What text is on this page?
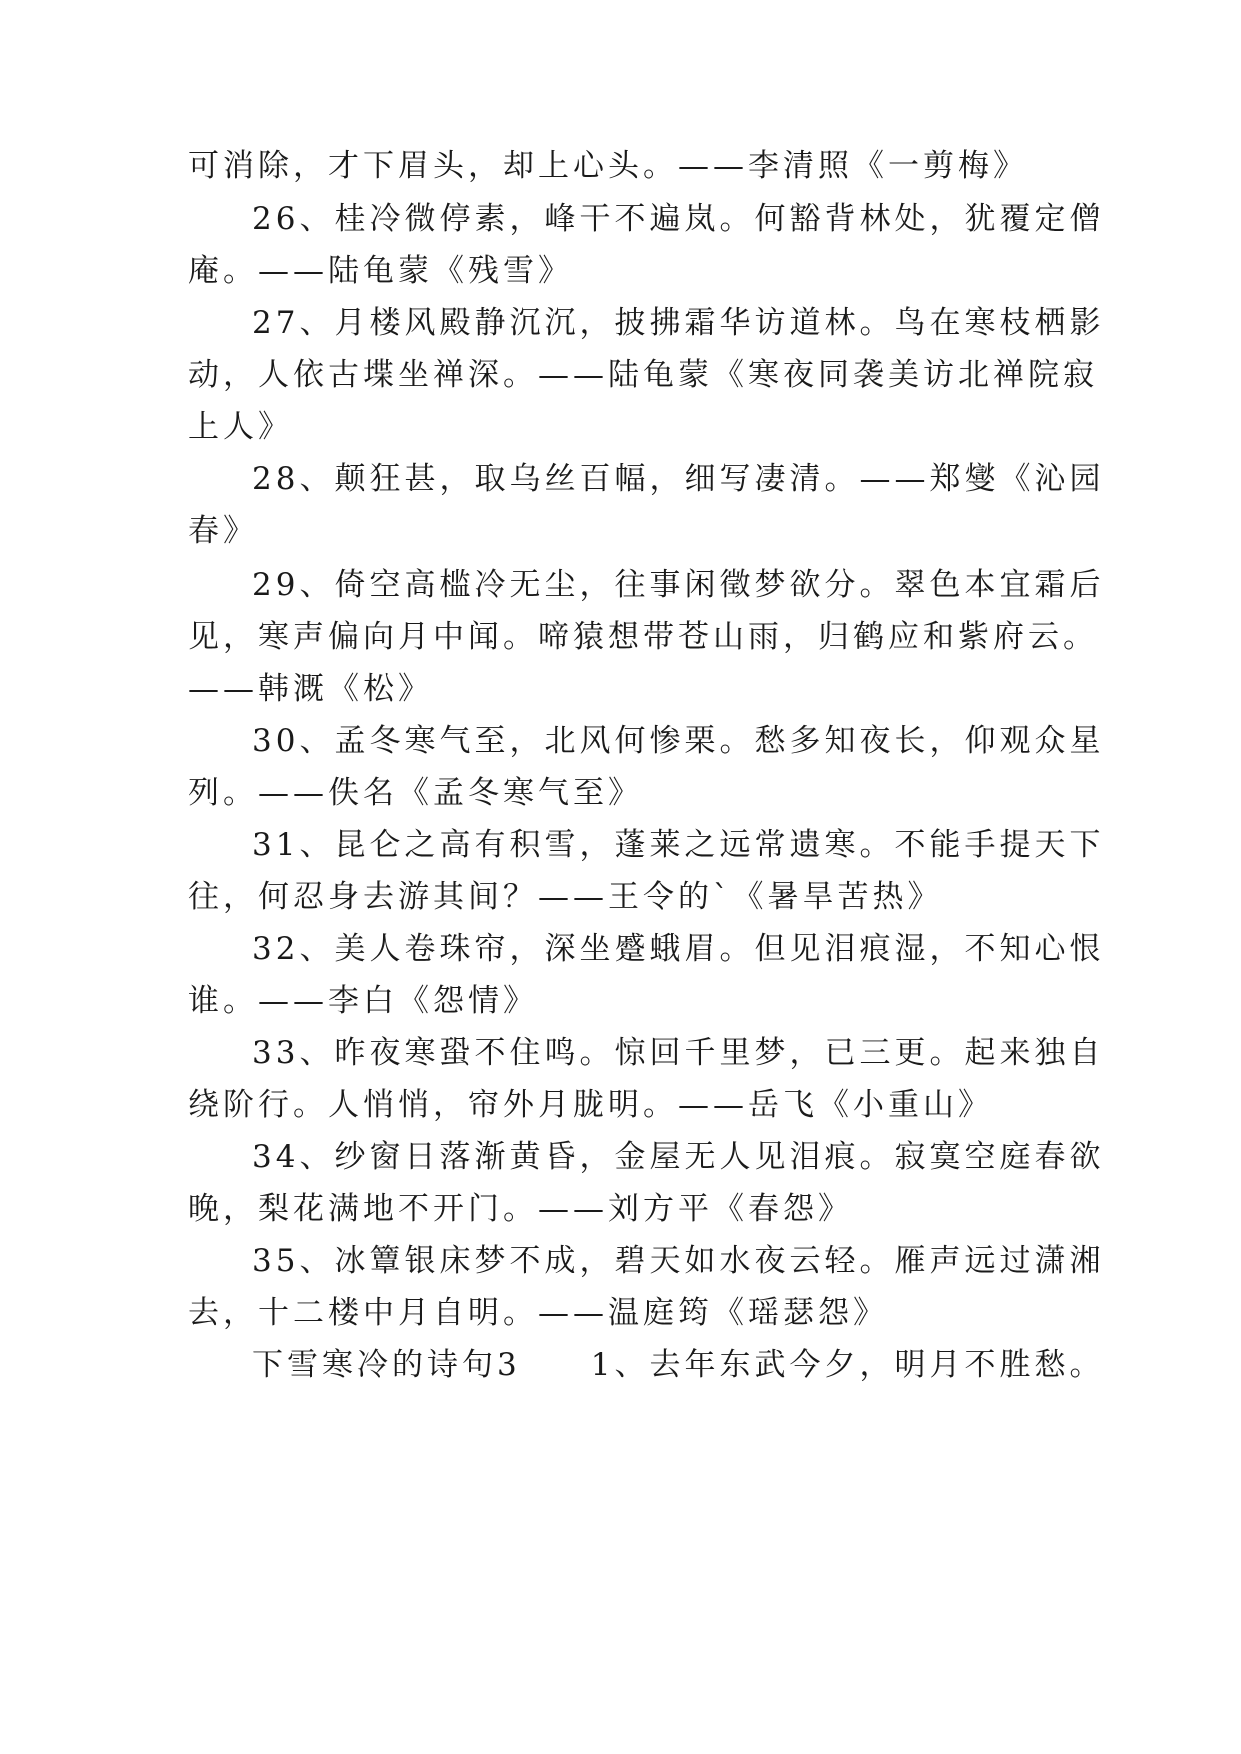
可消除，才下眉头，却上心头。——李清照《一剪梅》
26、桂冷微停素，峰干不遍岚。何豁背林处，犹覆定僧
庵。——陆龟蒙《残雪》
27、月楼风殿静沉沉，披拂霜华访道林。鸟在寒枝栖影
动，人依古堞坐禅深。——陆龟蒙《寒夜同袭美访北禅院寂
上人》
28、颠狂甚，取乌丝百幅，细写凄清。——郑燮《沁园
春》
29、倚空高槛冷无尘，往事闲徵梦欲分。翠色本宜霜后
见，寒声偏向月中闻。啼猿想带苍山雨，归鹤应和紫府云。
——韩溉《松》
30、孟冬寒气至，北风何惨栗。愁多知夜长，仰观众星
列。——佚名《孟冬寒气至》
31、昆仑之高有积雪，蓬莱之远常遗寒。不能手提天下
往，何忍身去游其间？——王令的`《暑旱苦热》
32、美人卷珠帘，深坐蹙蛾眉。但见泪痕湿，不知心恨
谁。——李白《怨情》
33、昨夜寒蛩不住鸣。惊回千里梦，已三更。起来独自
绕阶行。人悄悄，帘外月胧明。——岳飞《小重山》
34、纱窗日落渐黄昏，金屋无人见泪痕。寂寞空庭春欲
晚，梨花满地不开门。——刘方平《春怨》
35、冰簟银床梦不成，碧天如水夜云轻。雁声远过潇湘
去，十二楼中月自明。——温庭筠《瑶瑟怨》
下雪寒冷的诗句3　　1、去年东武今夕，明月不胜愁。
